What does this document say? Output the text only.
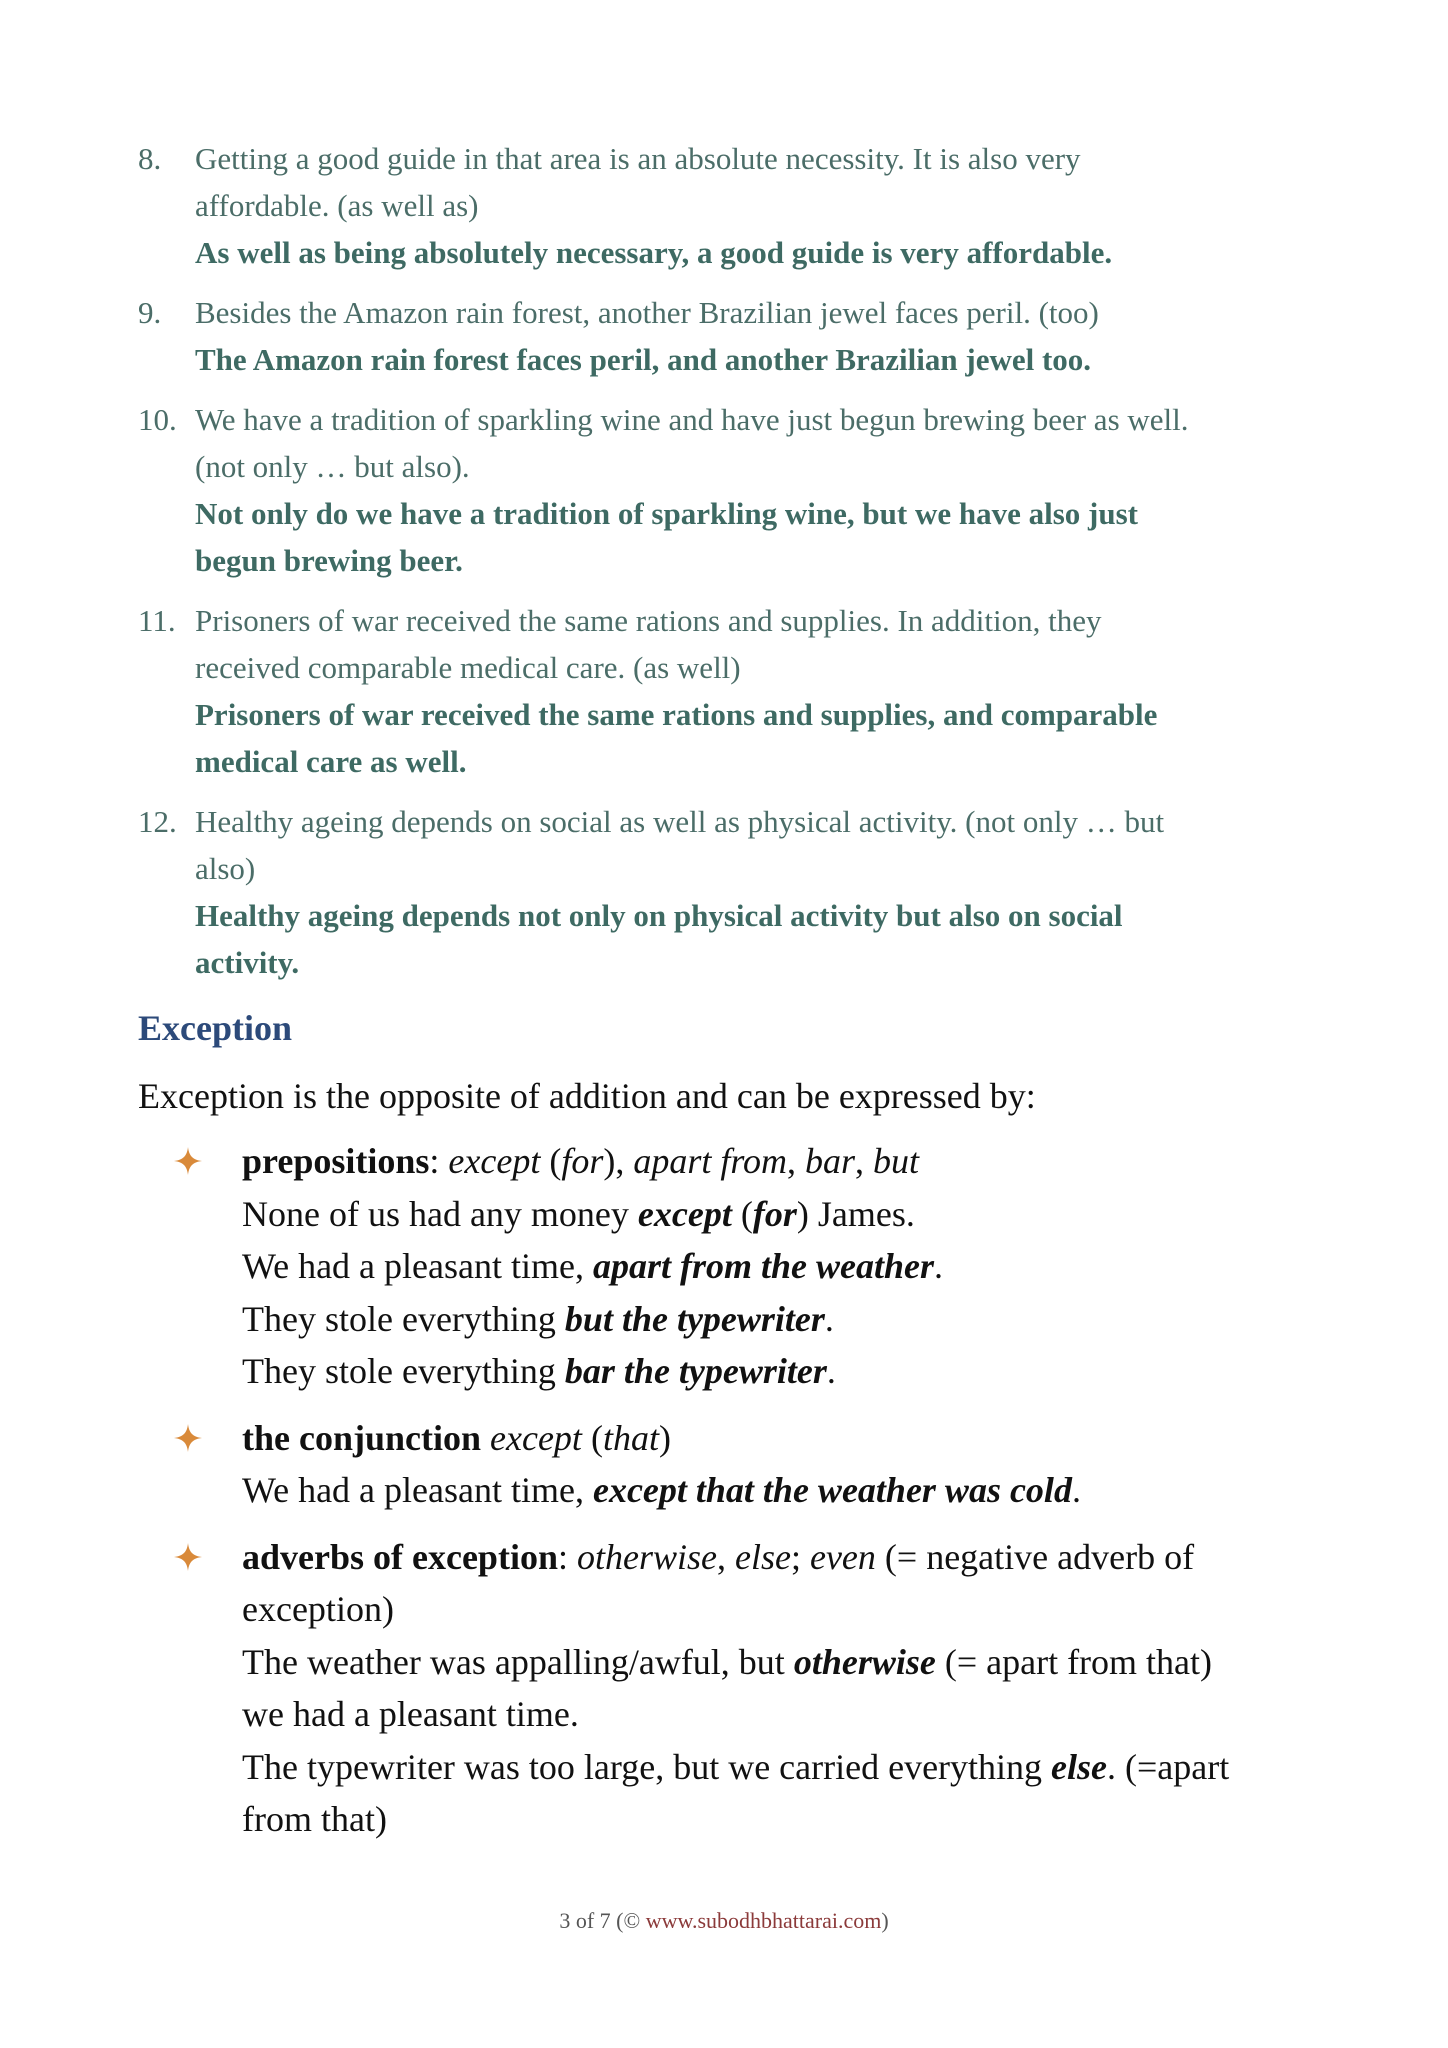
8. Getting a good guide in that area is an absolute necessity. It is also very
affordable. (as well as)
As well as being absolutely necessary, a good guide is very affordable.
9. Besides the Amazon rain forest, another Brazilian jewel faces peril. (too)
The Amazon rain forest faces peril, and another Brazilian jewel too.
10. We have a tradition of sparkling wine and have just begun brewing beer as well.
(not only … but also).
Not only do we have a tradition of sparkling wine, but we have also just
begun brewing beer.
11. Prisoners of war received the same rations and supplies. In addition, they
received comparable medical care. (as well)
Prisoners of war received the same rations and supplies, and comparable
medical care as well.
12. Healthy ageing depends on social as well as physical activity. (not only … but
also)
Healthy ageing depends not only on physical activity but also on social
activity.
Exception
Exception is the opposite of addition and can be expressed by:
prepositions: except (for), apart from, bar, but
None of us had any money except (for) James.
We had a pleasant time, apart from the weather.
They stole everything but the typewriter.
They stole everything bar the typewriter.
the conjunction except (that)
We had a pleasant time, except that the weather was cold.
adverbs of exception: otherwise, else; even (= negative adverb of
exception)
The weather was appalling/awful, but otherwise (= apart from that)
we had a pleasant time.
The typewriter was too large, but we carried everything else. (=apart
from that)
3 of 7 (© www.subodhbhattarai.com)
